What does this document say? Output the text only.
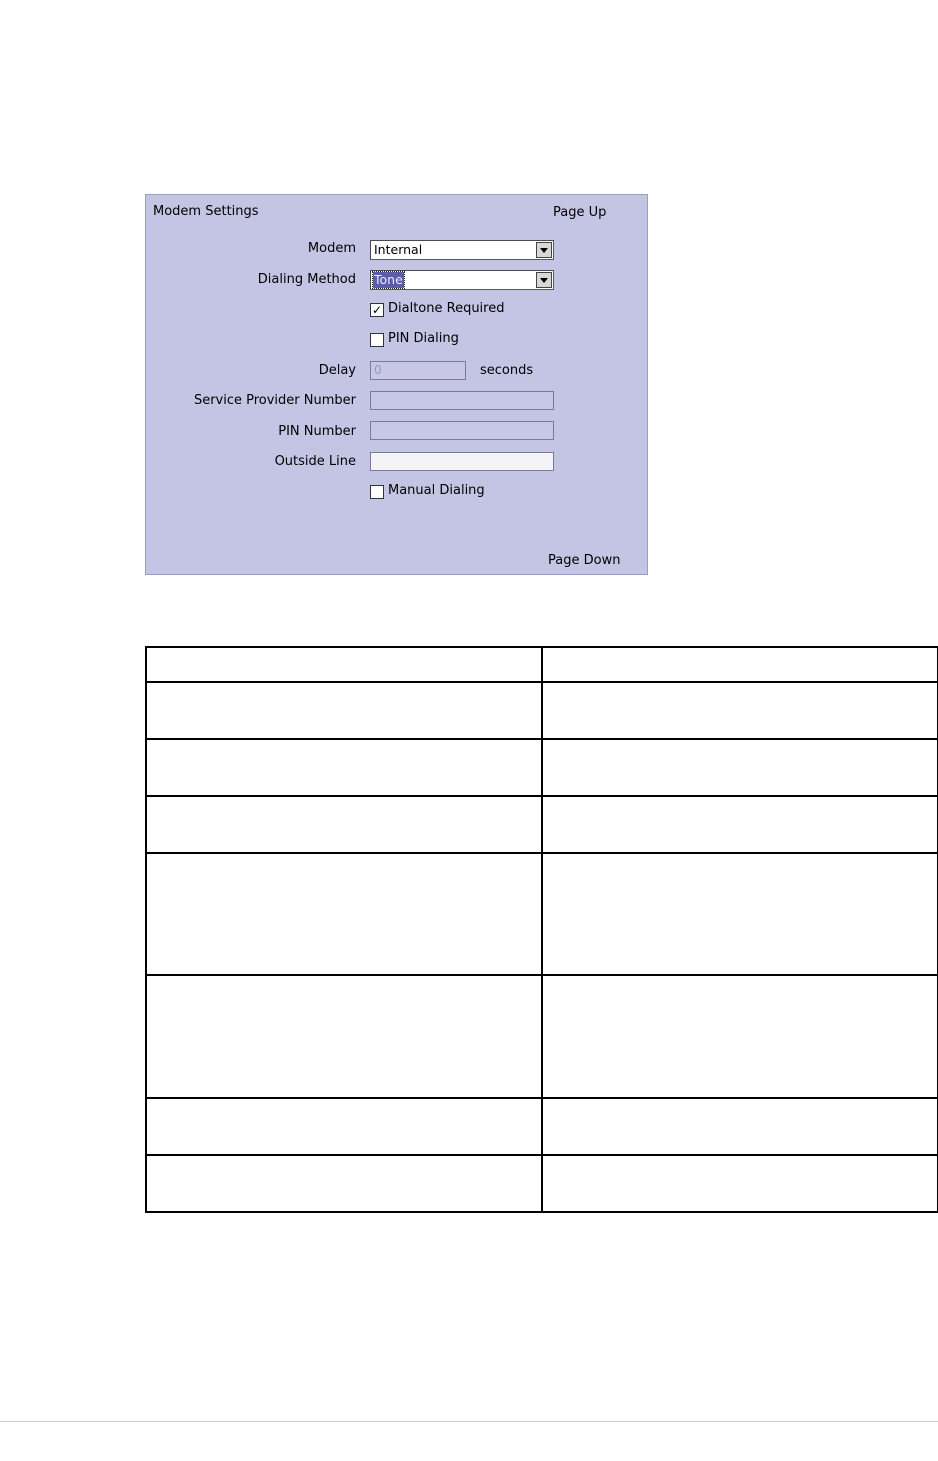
Modem Settings	Page Up
Modem	Internal
Dialing Method	Tone
✓ Dialtone Required
PIN Dialing
Delay	0	seconds
Service Provider Number
PIN Number
Outside Line
Manual Dialing
Page Down
